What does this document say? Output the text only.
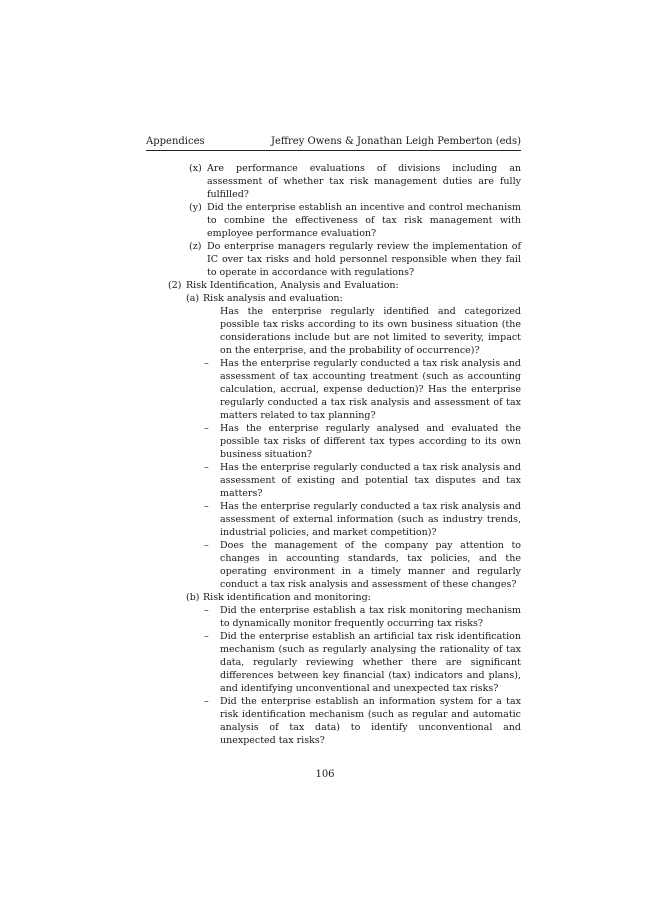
Appendices	Jeffrey Owens & Jonathan Leigh Pemberton (eds)
(x) Are performance evaluations of divisions including an assessment of whether tax risk management duties are fully fulfilled?
(y) Did the enterprise establish an incentive and control mechanism to combine the effectiveness of tax risk management with employee performance evaluation?
(z) Do enterprise managers regularly review the implementation of IC over tax risks and hold personnel responsible when they fail to operate in accordance with regulations?
(2) Risk Identification, Analysis and Evaluation:
(a) Risk analysis and evaluation:
Has the enterprise regularly identified and categorized possible tax risks according to its own business situation (the considerations include but are not limited to severity, impact on the enterprise, and the probability of occurrence)?
– Has the enterprise regularly conducted a tax risk analysis and assessment of tax accounting treatment (such as accounting calculation, accrual, expense deduction)? Has the enterprise regularly conducted a tax risk analysis and assessment of tax matters related to tax planning?
– Has the enterprise regularly analysed and evaluated the possible tax risks of different tax types according to its own business situation?
– Has the enterprise regularly conducted a tax risk analysis and assessment of existing and potential tax disputes and tax matters?
– Has the enterprise regularly conducted a tax risk analysis and assessment of external information (such as industry trends, industrial policies, and market competition)?
– Does the management of the company pay attention to changes in accounting standards, tax policies, and the operating environment in a timely manner and regularly conduct a tax risk analysis and assessment of these changes?
(b) Risk identification and monitoring:
– Did the enterprise establish a tax risk monitoring mechanism to dynamically monitor frequently occurring tax risks?
– Did the enterprise establish an artificial tax risk identification mechanism (such as regularly analysing the rationality of tax data, regularly reviewing whether there are significant differences between key financial (tax) indicators and plans), and identifying unconventional and unexpected tax risks?
– Did the enterprise establish an information system for a tax risk identification mechanism (such as regular and automatic analysis of tax data) to identify unconventional and unexpected tax risks?
106
